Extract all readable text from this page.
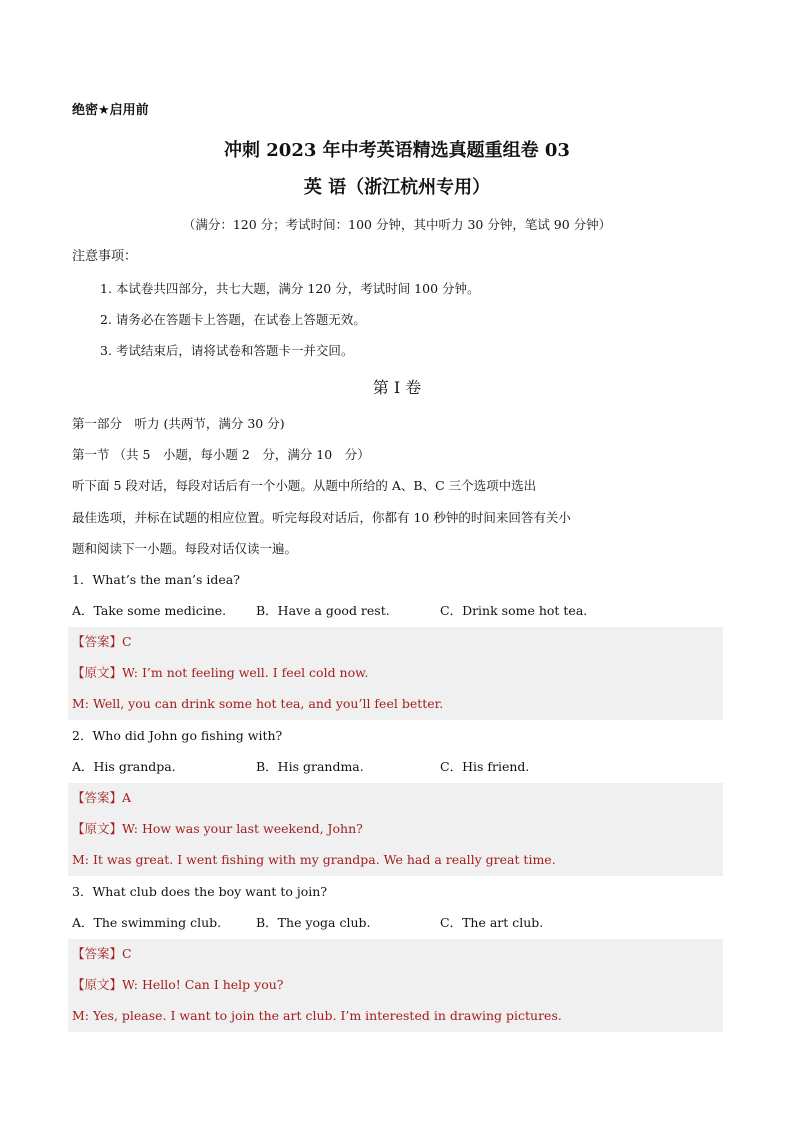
绝密★启用前
冲刺 2023 年中考英语精选真题重组卷 03
英 语（浙江杭州专用）
（满分：120 分；考试时间：100 分钟，其中听力 30 分钟，笔试 90 分钟）
注意事项：
1. 本试卷共四部分，共七大题，满分 120 分，考试时间 100 分钟。
2. 请务必在答题卡上答题，在试卷上答题无效。
3. 考试结束后，请将试卷和答题卡一并交回。
第 I 卷
第一部分　听力 (共两节，满分 30 分)
第一节 （共 5　小题，每小题 2　分，满分 10　分）
听下面 5 段对话，每段对话后有一个小题。从题中所给的 A、B、C 三个选项中选出
最佳选项，并标在试题的相应位置。听完每段对话后，你都有 10 秒钟的时间来回答有关小
题和阅读下一小题。每段对话仅读一遍。
1．What’s the man’s idea?
A．Take some medicine. B．Have a good rest.	C．Drink some hot tea.
【答案】C
【原文】W: I’m not feeling well. I feel cold now.
M: Well, you can drink some hot tea, and you’ll feel better.
2．Who did John go fishing with?
A．His grandpa.	B．His grandma.	C．His friend.
【答案】A
【原文】W: How was your last weekend, John?
M: It was great. I went fishing with my grandpa. We had a really great time.
3．What club does the boy want to join?
A．The swimming club.	B．The yoga club.	C．The art club.
【答案】C
【原文】W: Hello! Can I help you?
M: Yes, please. I want to join the art club. I’m interested in drawing pictures.
